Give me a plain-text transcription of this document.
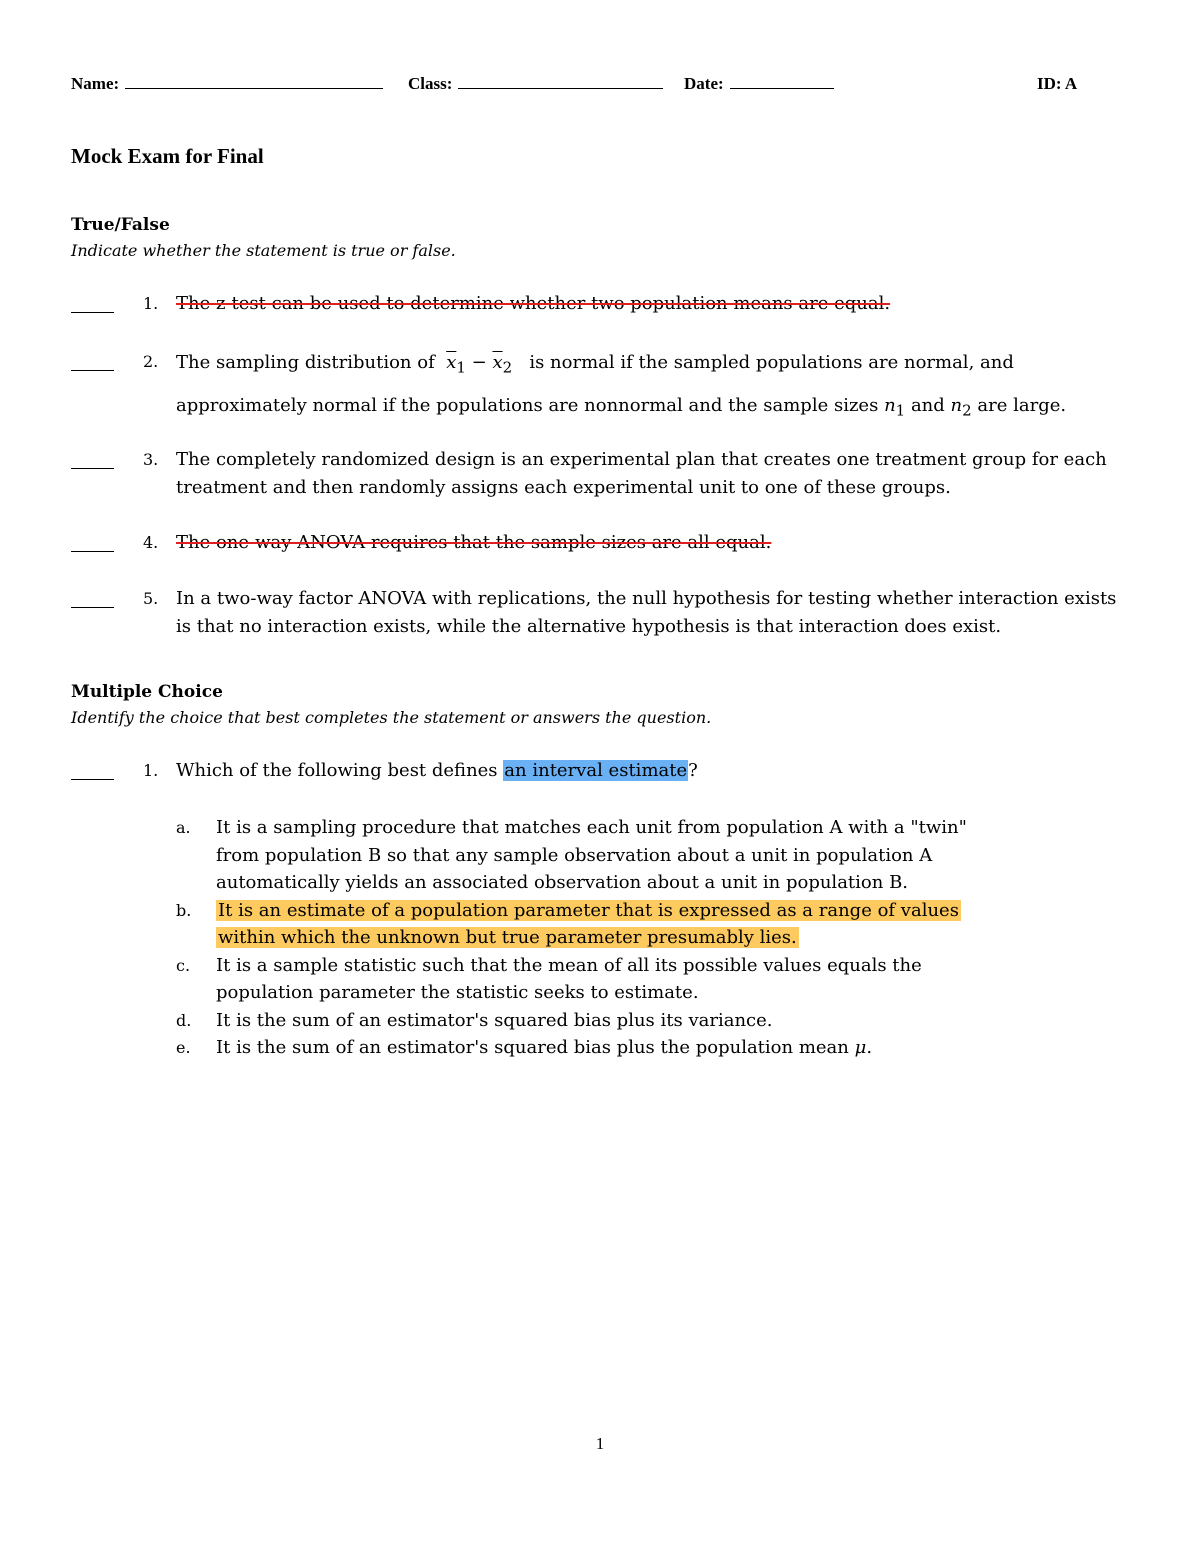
Name:	Class:	Date:	ID: A
Mock Exam for Final
True/False
Indicate whether the statement is true or false.
1. The z-test can be used to determine whether two population means are equal.
2. The sampling distribution of $\overline{x}_1 - \overline{x}_2$ is normal if the sampled populations are normal, and approximately normal if the populations are nonnormal and the sample sizes $n_1$ and $n_2$ are large.
3. The completely randomized design is an experimental plan that creates one treatment group for each treatment and then randomly assigns each experimental unit to one of these groups.
4. The one-way ANOVA requires that the sample sizes are all equal.
5. In a two-way factor ANOVA with replications, the null hypothesis for testing whether interaction exists is that no interaction exists, while the alternative hypothesis is that interaction does exist.
Multiple Choice
Identify the choice that best completes the statement or answers the question.
1. Which of the following best defines an interval estimate?
a. It is a sampling procedure that matches each unit from population A with a "twin" from population B so that any sample observation about a unit in population A automatically yields an associated observation about a unit in population B.
b. It is an estimate of a population parameter that is expressed as a range of values within which the unknown but true parameter presumably lies.
c. It is a sample statistic such that the mean of all its possible values equals the population parameter the statistic seeks to estimate.
d. It is the sum of an estimator's squared bias plus its variance.
e. It is the sum of an estimator's squared bias plus the population mean μ.
1
